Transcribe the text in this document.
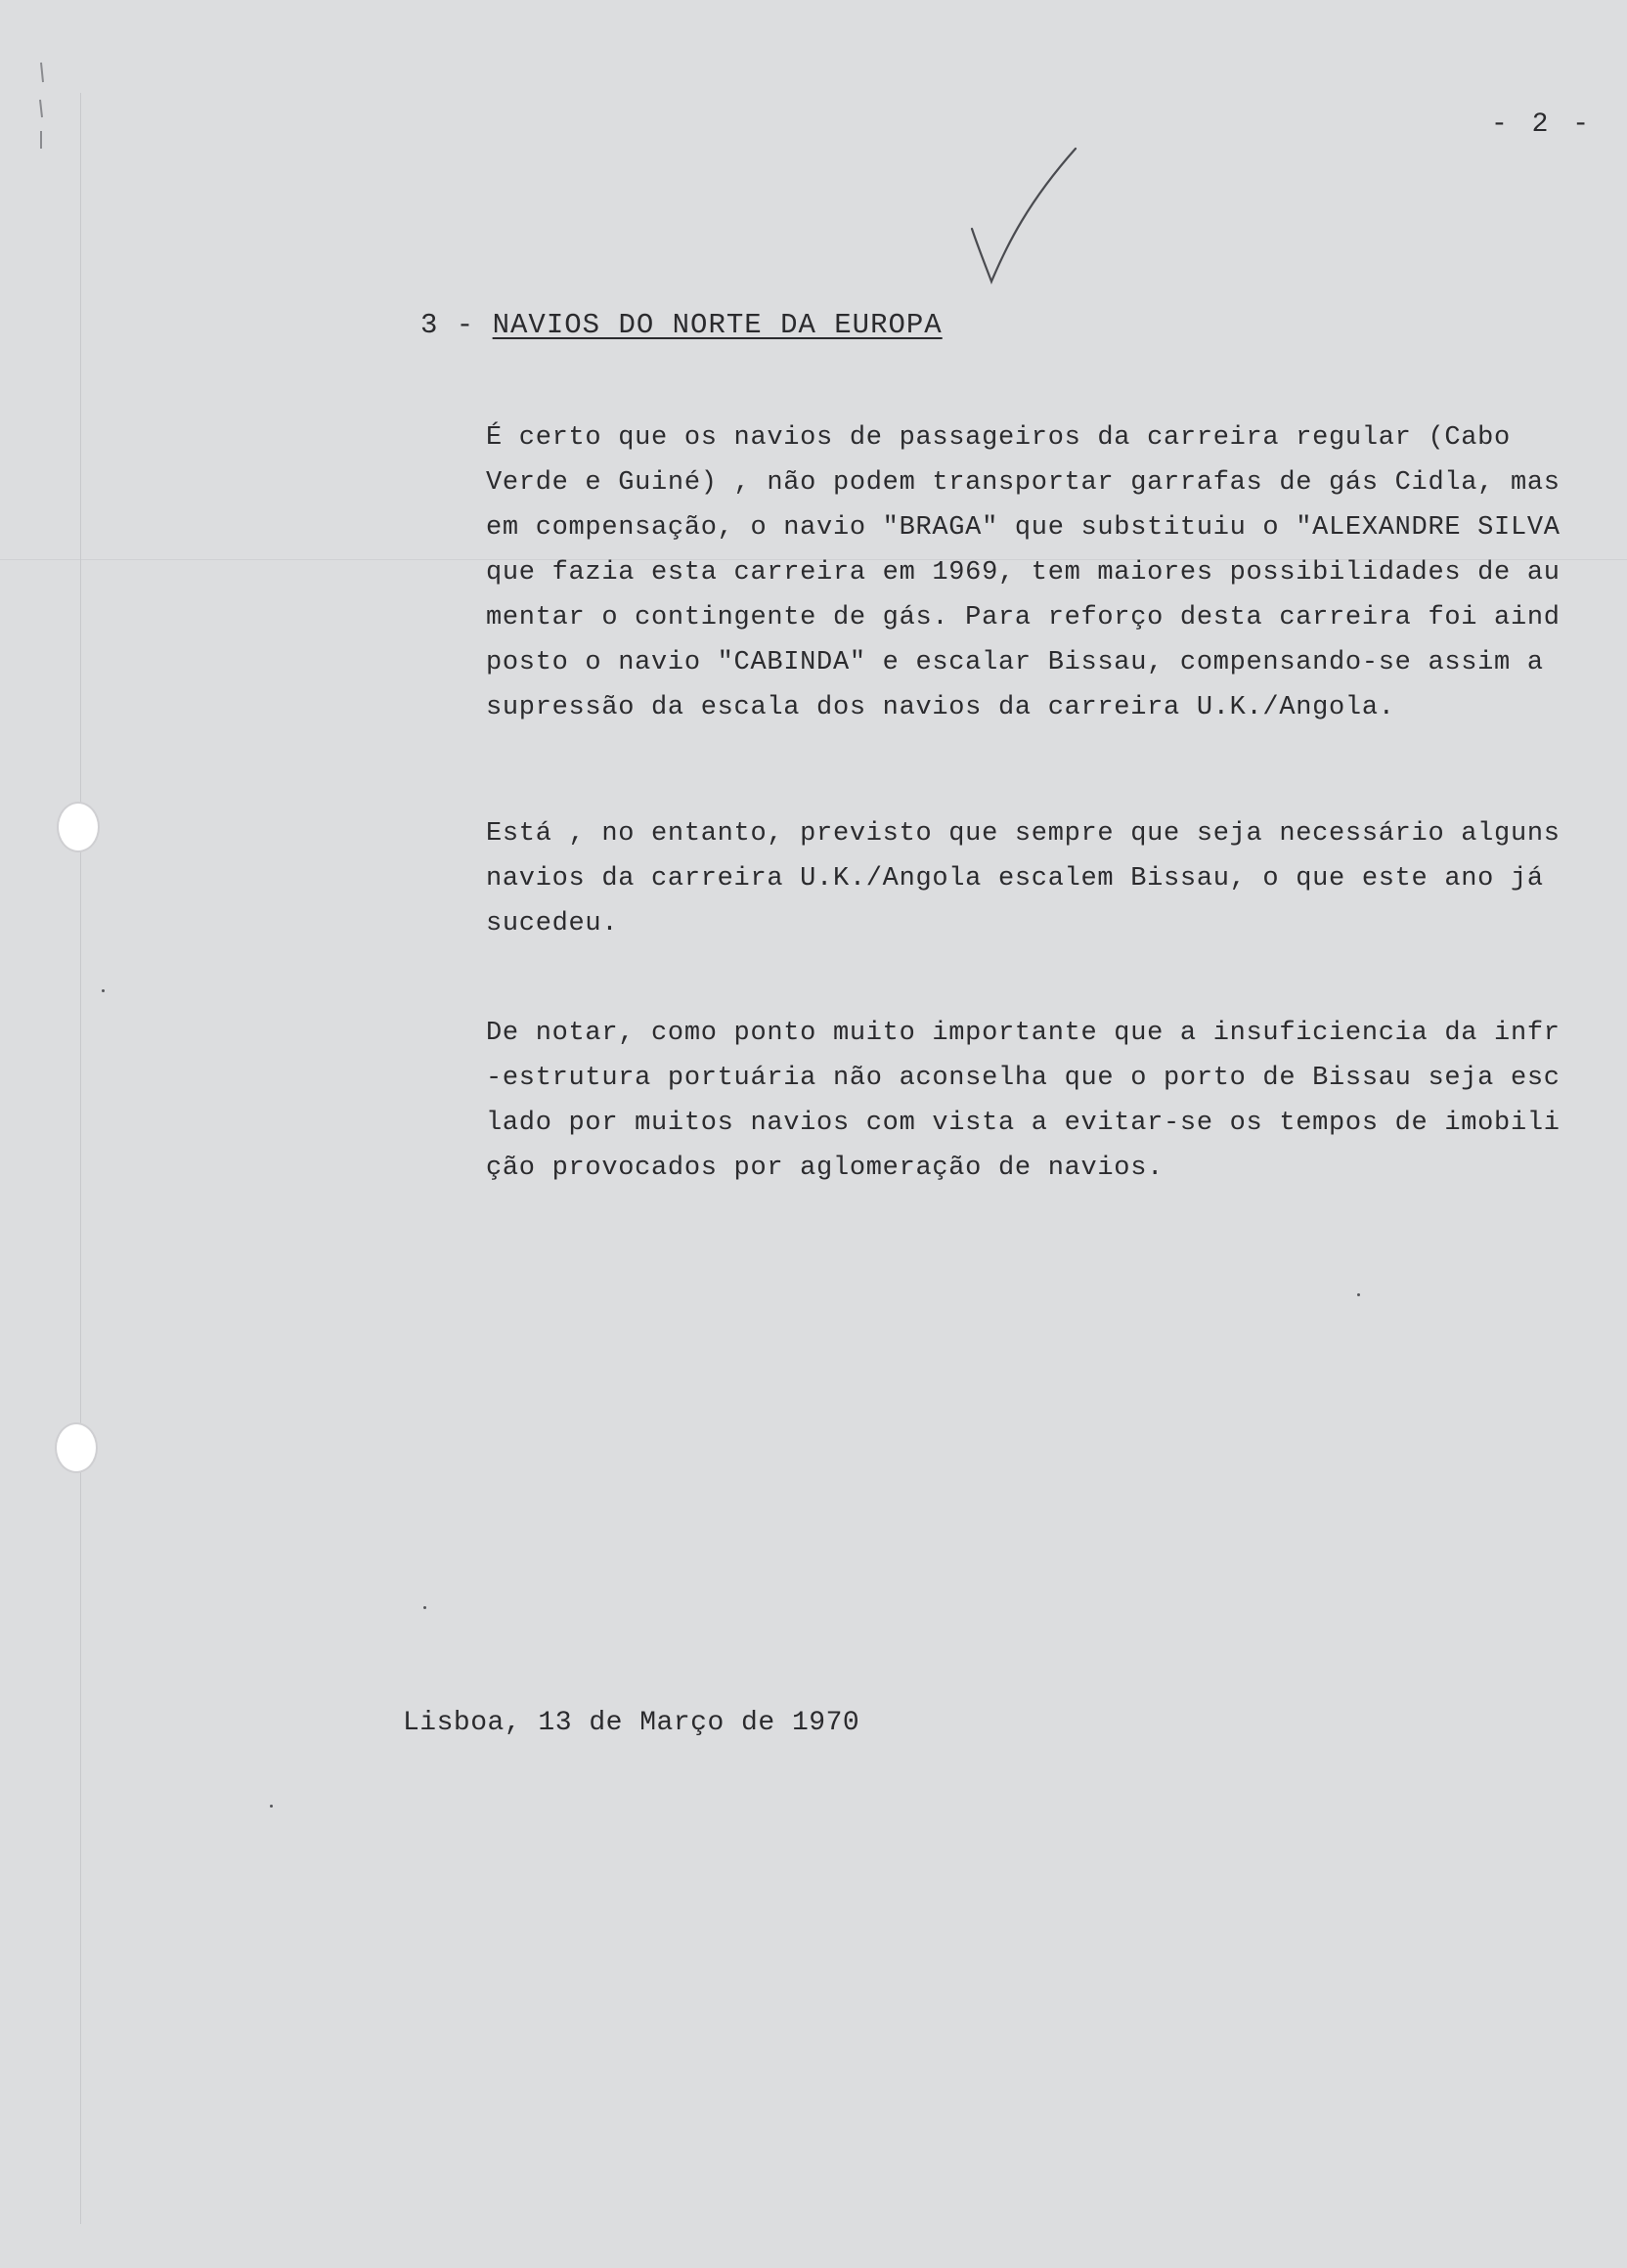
- 2 -
3 - NAVIOS DO NORTE DA EUROPA
É certo que os navios de passageiros da carreira regular (Cabo
Verde e Guiné) , não podem transportar garrafas de gás Cidla, mas
em compensação, o navio "BRAGA" que substituiu o "ALEXANDRE SILVA
que fazia esta carreira em 1969, tem maiores possibilidades de au
mentar o contingente de gás. Para reforço desta carreira foi aind
posto o navio "CABINDA" e escalar Bissau, compensando-se assim a
supressão da escala dos navios da carreira U.K./Angola.
Está , no entanto, previsto que sempre que seja necessário alguns
navios da carreira U.K./Angola escalem Bissau, o que este ano já
sucedeu.
De notar, como ponto muito importante que a insuficiencia da infr
-estrutura portuária não aconselha que o porto de Bissau seja esc
lado por muitos navios com vista a evitar-se os tempos de imobili
ção provocados por aglomeração de navios.
Lisboa, 13 de Março de 1970
